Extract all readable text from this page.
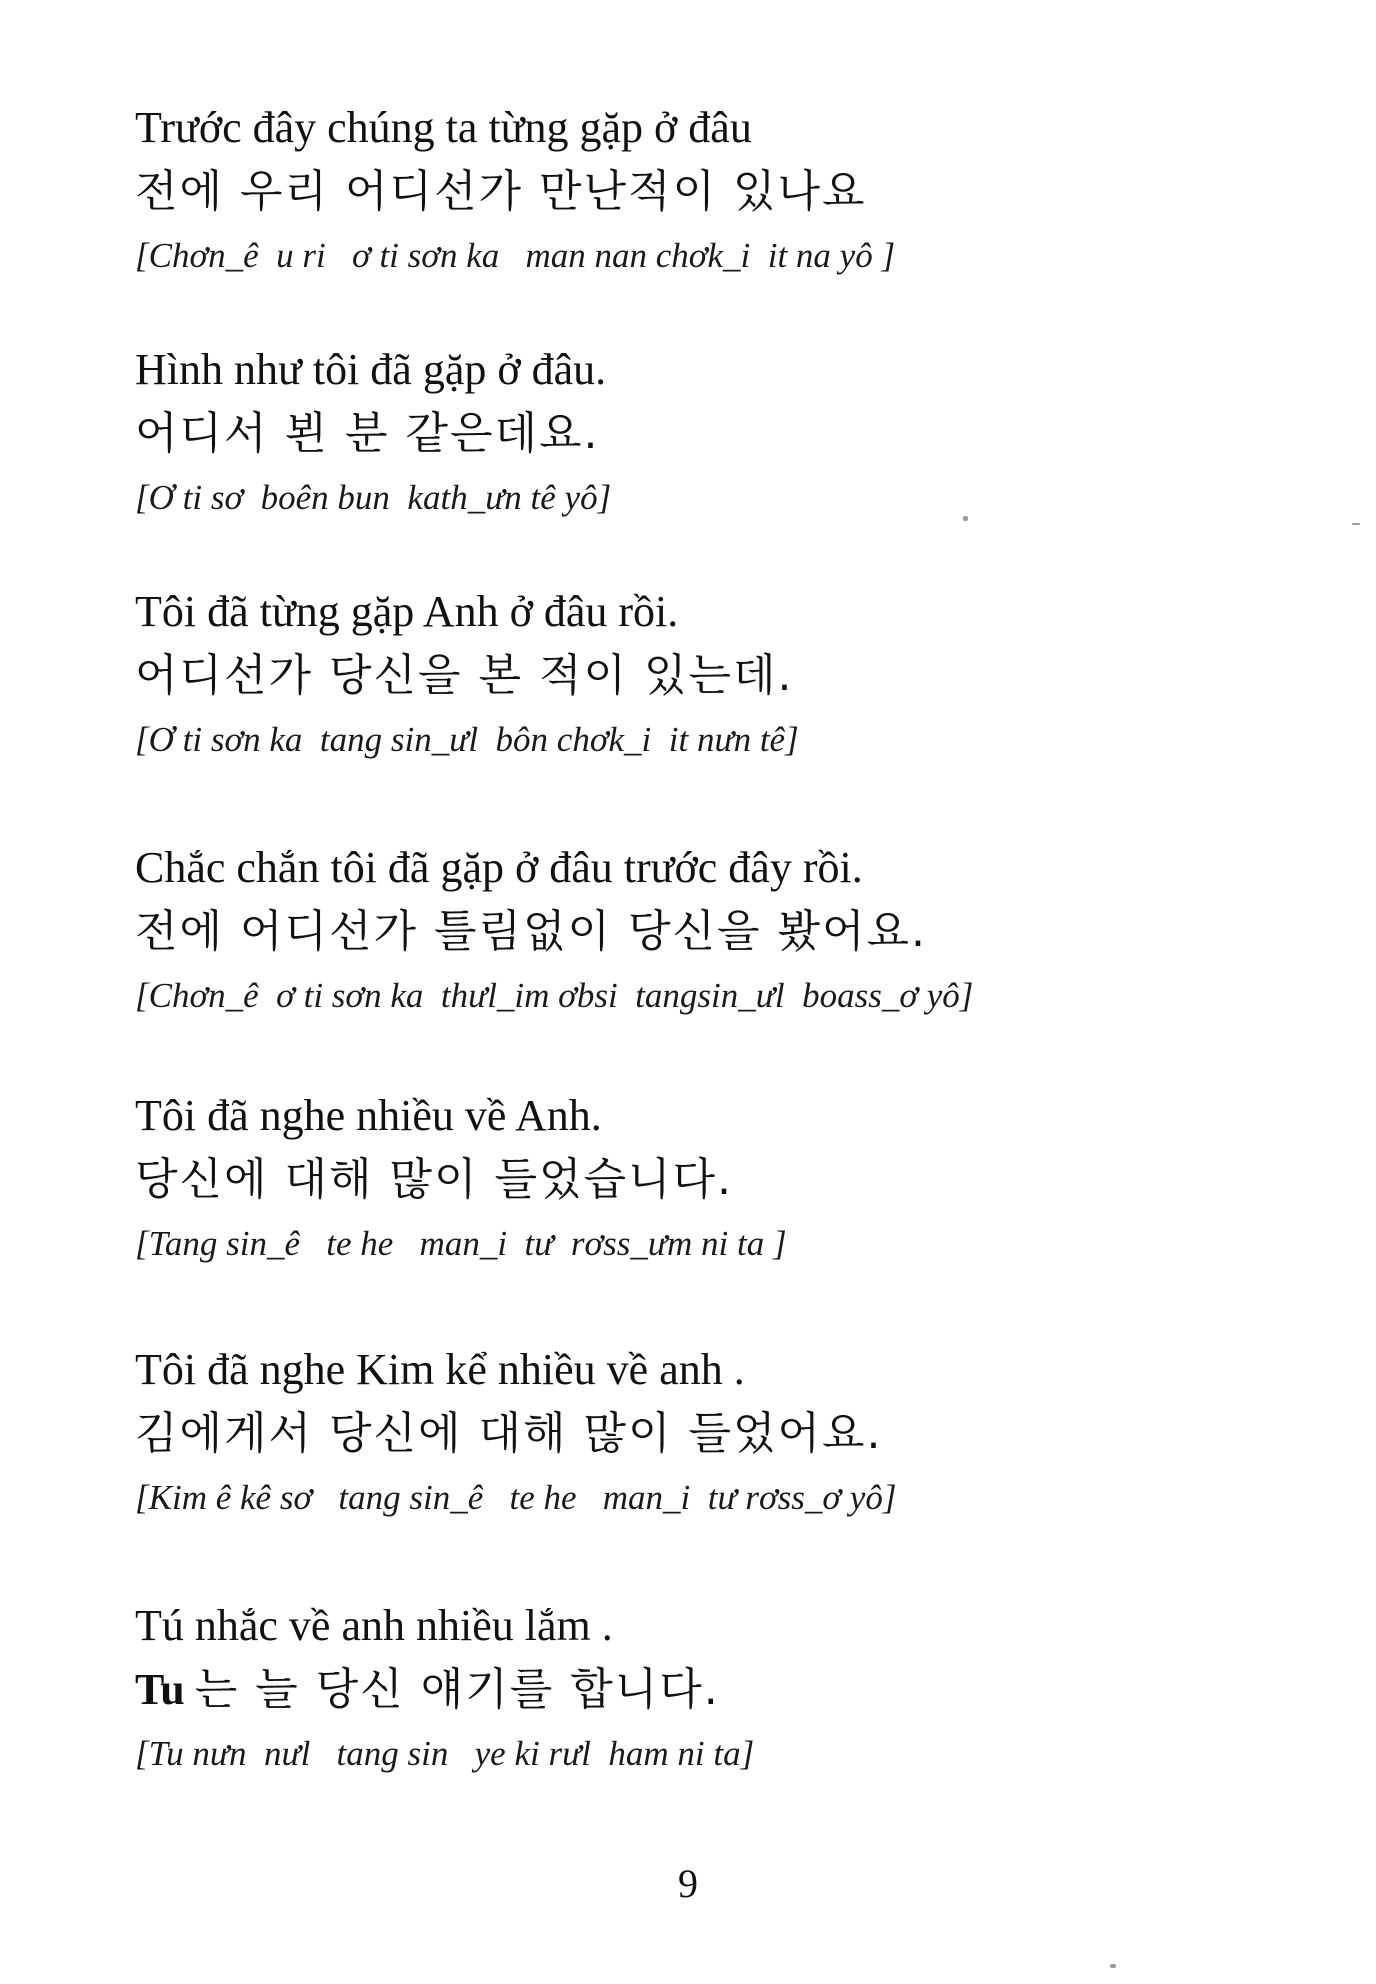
Trước đây chúng ta từng gặp ở đâu
전에 우리 어디선가 만난적이 있나요
[Chơn_ê  u ri   ơ ti sơn ka   man nan chơk_i  it na yô ]
Hình như tôi đã gặp ở đâu.
어디서 뵌 분 같은데요.
[Ơ ti sơ  boên bun  kath_ưn tê yô]
Tôi đã từng gặp Anh ở đâu rồi.
어디선가 당신을 본 적이 있는데.
[Ơ ti sơn ka  tang sin_ưl  bôn chơk_i  it nưn tê]
Chắc chắn tôi đã gặp ở đâu trước đây rồi.
전에 어디선가 틀림없이 당신을 봤어요.
[Chơn_ê  ơ ti sơn ka  thưl_im ơbsi  tangsin_ưl  boass_ơ yô]
Tôi đã nghe nhiều về Anh.
당신에 대해 많이 들었습니다.
[Tang sin_ê   te he   man_i  tư  rơss_ưm ni ta ]
Tôi đã nghe Kim kể nhiều về anh .
김에게서 당신에 대해 많이 들었어요.
[Kim ê kê sơ   tang sin_ê   te he   man_i  tư rơss_ơ yô]
Tú nhắc về anh nhiều lắm .
Tu 는 늘 당신 얘기를 합니다.
[Tu nưn  nưl   tang sin   ye ki rưl  ham ni ta]
9
